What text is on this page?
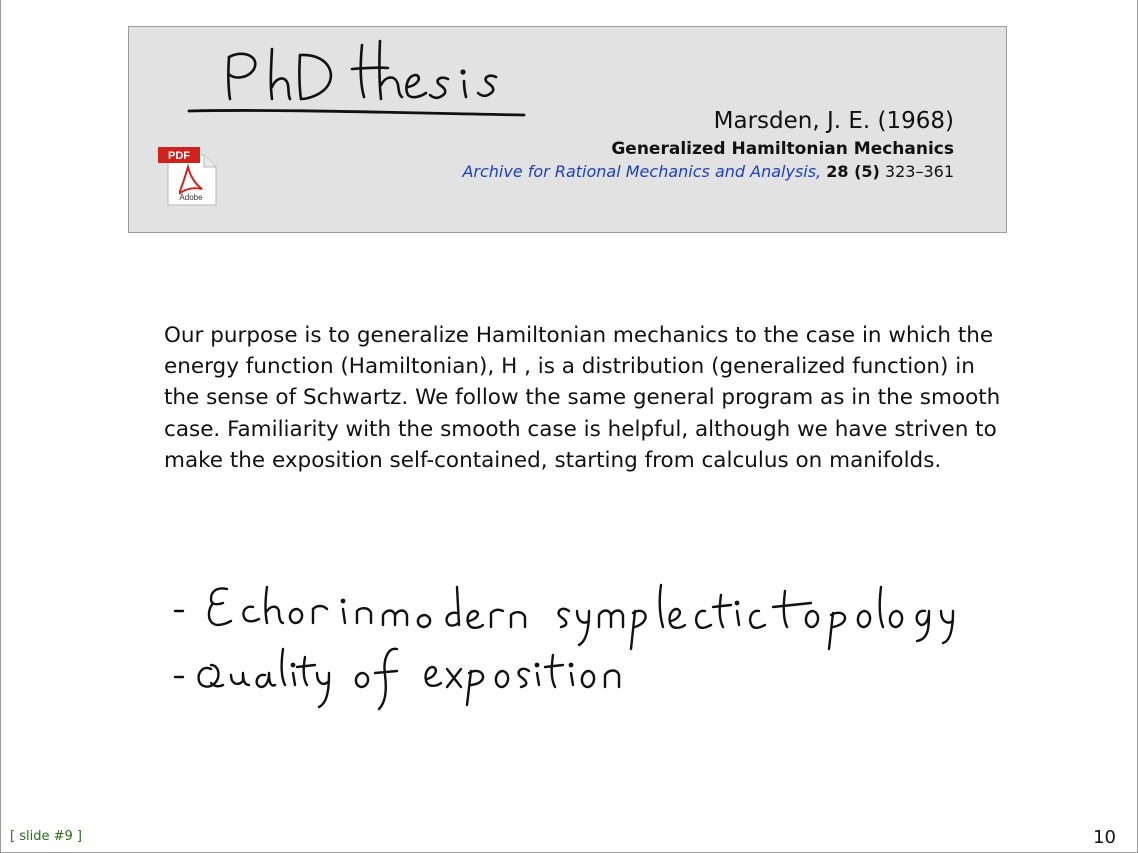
PDF
Adobe
Marsden, J. E. (1968)
Generalized Hamiltonian Mechanics
Archive for Rational Mechanics and Analysis, 28 (5) 323–361
Our purpose is to generalize Hamiltonian mechanics to the case in which the energy function (Hamiltonian), H , is a distribution (generalized function) in the sense of Schwartz. We follow the same general program as in the smooth case. Familiarity with the smooth case is helpful, although we have striven to make the exposition self-contained, starting from calculus on manifolds.
[ slide #9 ]	10
